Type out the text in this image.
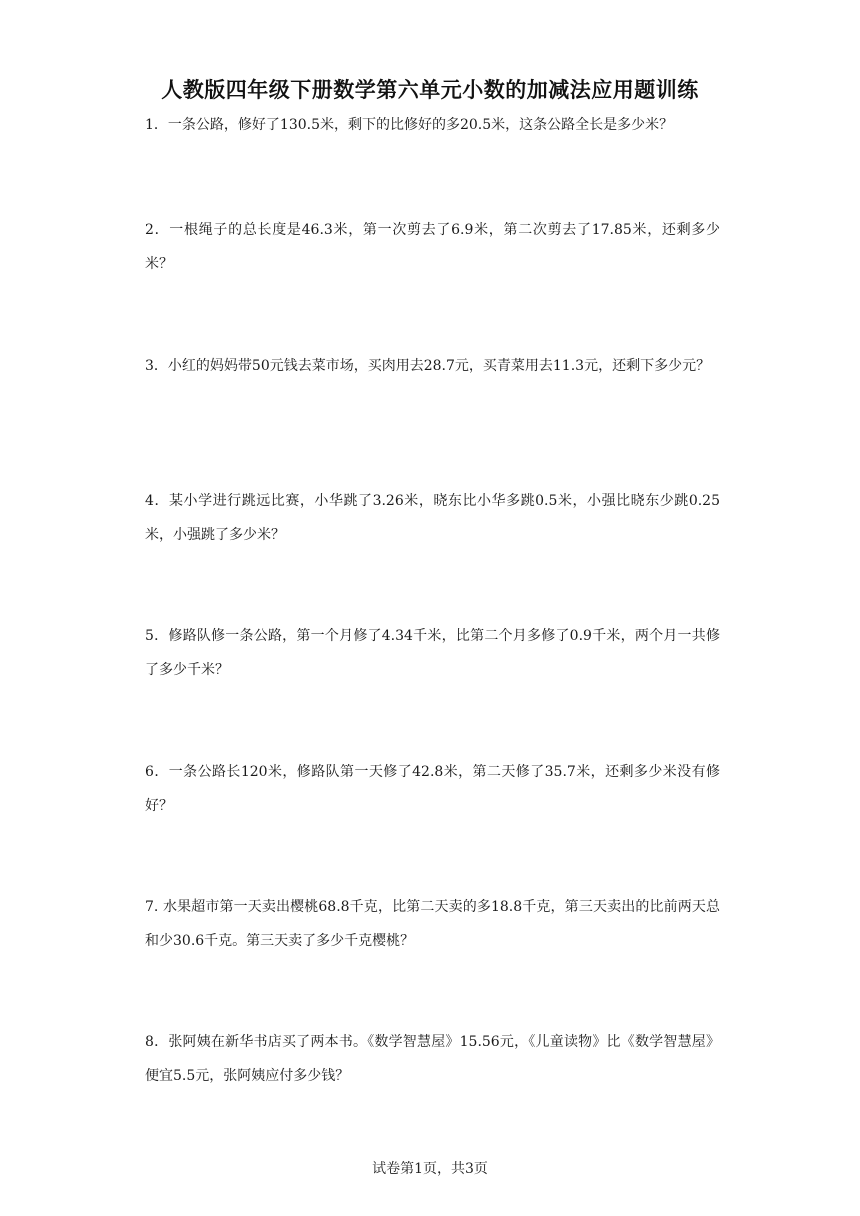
人教版四年级下册数学第六单元小数的加减法应用题训练
1．一条公路，修好了130.5米，剩下的比修好的多20.5米，这条公路全长是多少米？
2．一根绳子的总长度是46.3米，第一次剪去了6.9米，第二次剪去了17.85米，还剩多少米？
3．小红的妈妈带50元钱去菜市场，买肉用去28.7元，买青菜用去11.3元，还剩下多少元？
4．某小学进行跳远比赛，小华跳了3.26米，晓东比小华多跳0.5米，小强比晓东少跳0.25米，小强跳了多少米？
5．修路队修一条公路，第一个月修了4.34千米，比第二个月多修了0.9千米，两个月一共修了多少千米？
6．一条公路长120米，修路队第一天修了42.8米，第二天修了35.7米，还剩多少米没有修好？
7. 水果超市第一天卖出樱桃68.8千克，比第二天卖的多18.8千克，第三天卖出的比前两天总和少30.6千克。第三天卖了多少千克樱桃？
8．张阿姨在新华书店买了两本书。《数学智慧屋》15.56元，《儿童读物》比《数学智慧屋》便宜5.5元，张阿姨应付多少钱？
试卷第1页，共3页
